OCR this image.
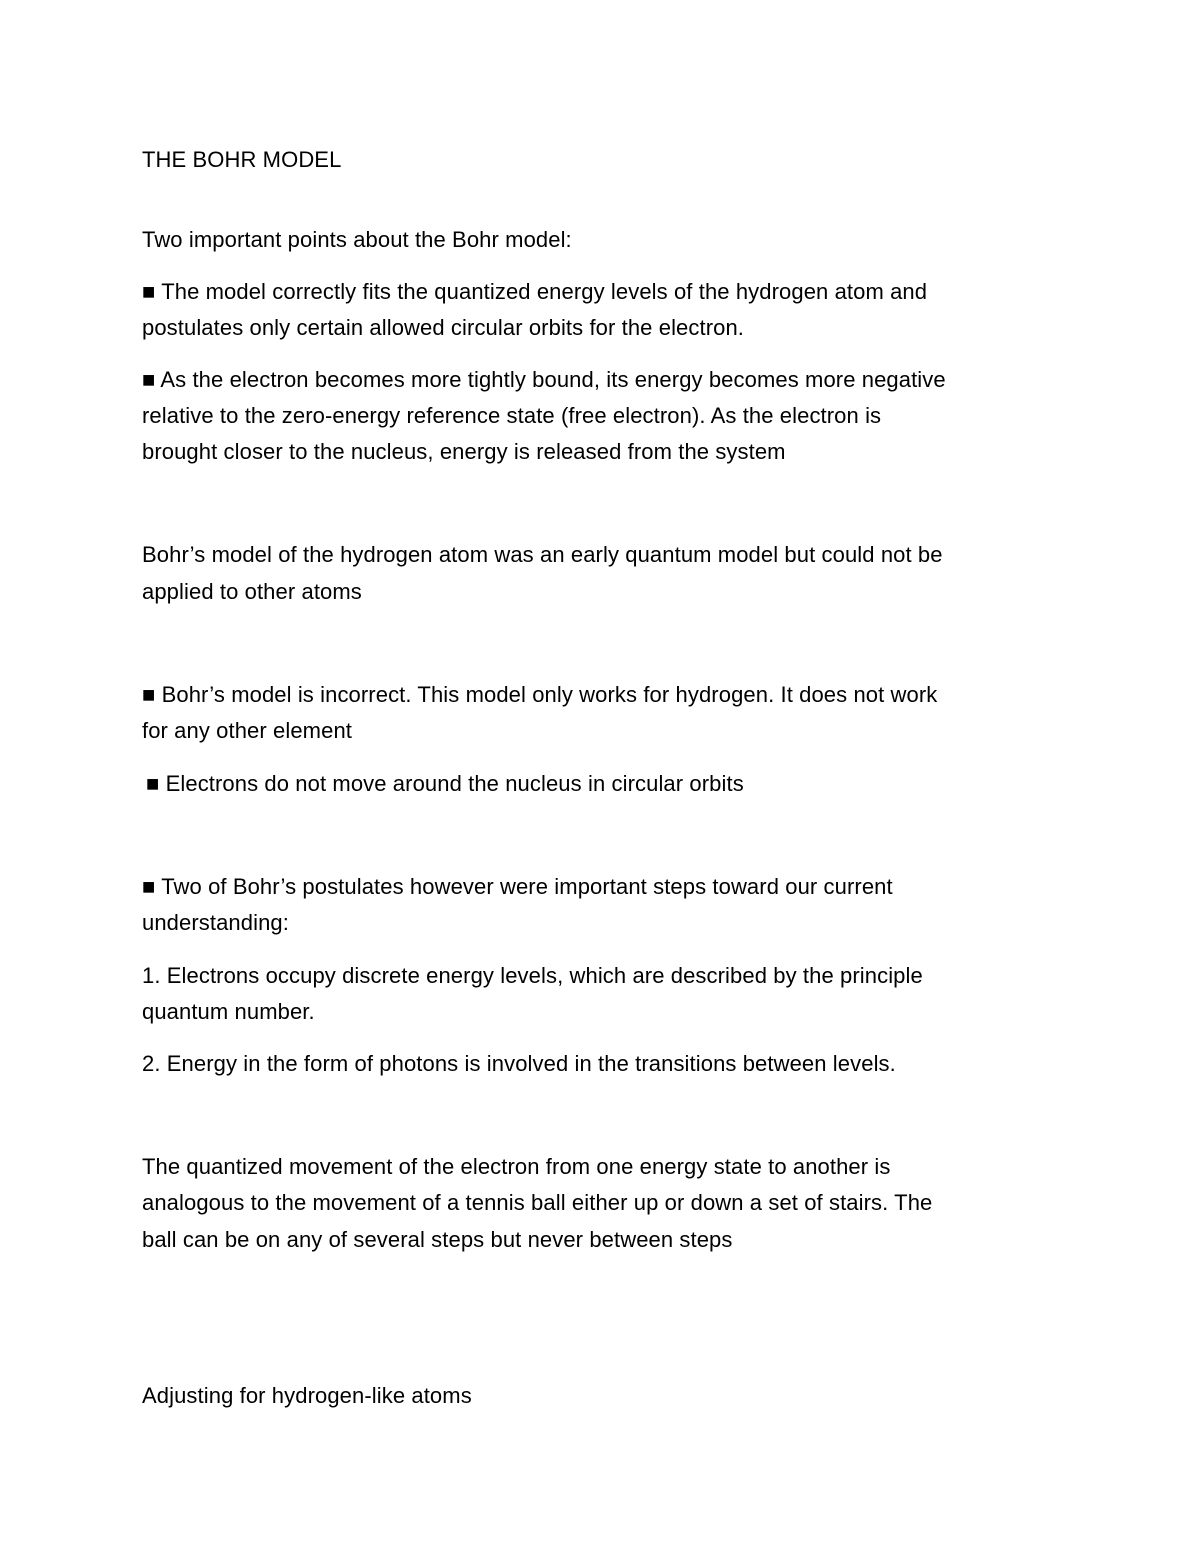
THE BOHR MODEL
Two important points about the Bohr model:
■ The model correctly fits the quantized energy levels of the hydrogen atom and
postulates only certain allowed circular orbits for the electron.
■ As the electron becomes more tightly bound, its energy becomes more negative
relative to the zero-energy reference state (free electron). As the electron is
brought closer to the nucleus, energy is released from the system
Bohr’s model of the hydrogen atom was an early quantum model but could not be
applied to other atoms
■ Bohr’s model is incorrect. This model only works for hydrogen. It does not work
for any other element
■ Electrons do not move around the nucleus in circular orbits
■ Two of Bohr’s postulates however were important steps toward our current
understanding:
1. Electrons occupy discrete energy levels, which are described by the principle
quantum number.
2. Energy in the form of photons is involved in the transitions between levels.
The quantized movement of the electron from one energy state to another is
analogous to the movement of a tennis ball either up or down a set of stairs. The
ball can be on any of several steps but never between steps
Adjusting for hydrogen-like atoms
